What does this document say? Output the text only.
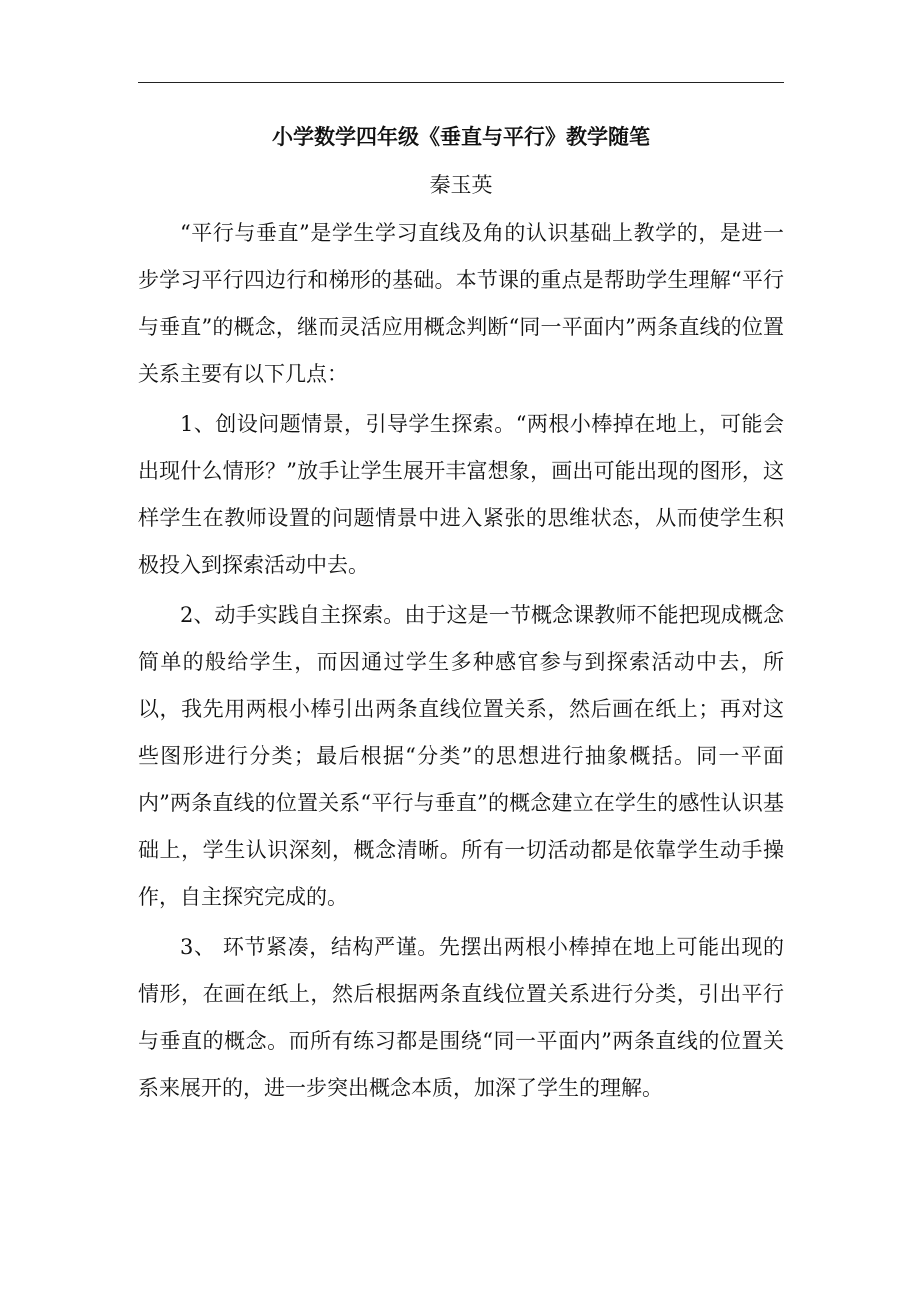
小学数学四年级《垂直与平行》教学随笔

秦玉英

“平行与垂直”是学生学习直线及角的认识基础上教学的，是进一步学习平行四边行和梯形的基础。本节课的重点是帮助学生理解“平行与垂直”的概念，继而灵活应用概念判断“同一平面内”两条直线的位置关系主要有以下几点：

1、创设问题情景，引导学生探索。“两根小棒掉在地上，可能会出现什么情形？”放手让学生展开丰富想象，画出可能出现的图形，这样学生在教师设置的问题情景中进入紧张的思维状态，从而使学生积极投入到探索活动中去。

2、动手实践自主探索。由于这是一节概念课教师不能把现成概念简单的般给学生，而因通过学生多种感官参与到探索活动中去，所以，我先用两根小棒引出两条直线位置关系，然后画在纸上；再对这些图形进行分类；最后根据“分类”的思想进行抽象概括。同一平面内”两条直线的位置关系“平行与垂直”的概念建立在学生的感性认识基础上，学生认识深刻，概念清晰。所有一切活动都是依靠学生动手操作，自主探究完成的。

3、 环节紧凑，结构严谨。先摆出两根小棒掉在地上可能出现的情形，在画在纸上，然后根据两条直线位置关系进行分类，引出平行与垂直的概念。而所有练习都是围绕“同一平面内”两条直线的位置关系来展开的，进一步突出概念本质，加深了学生的理解。
